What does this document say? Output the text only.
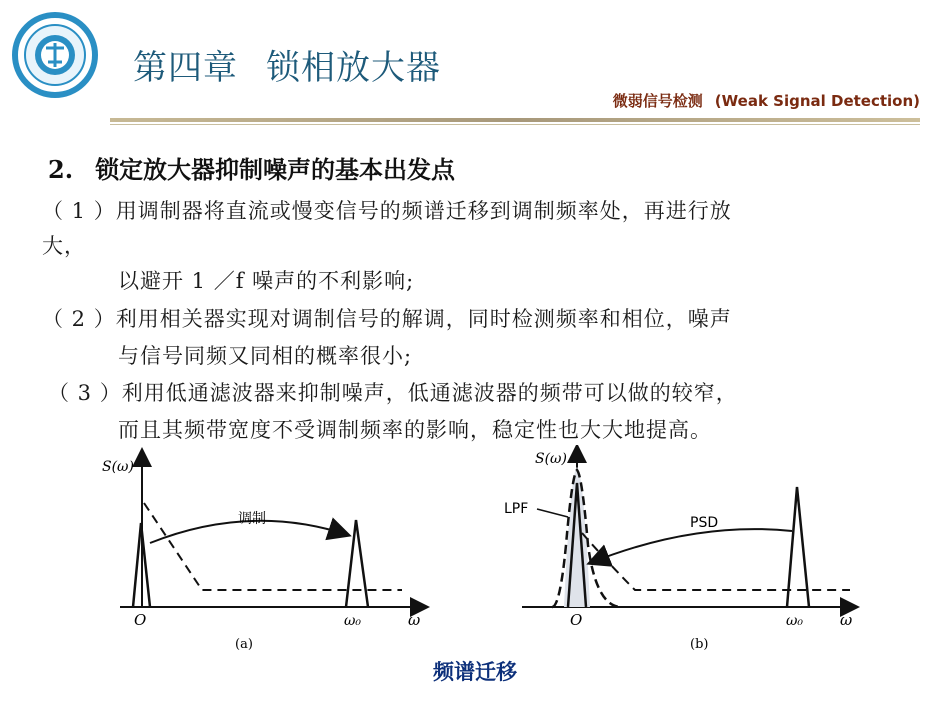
第四章 锁相放大器
微弱信号检测 (Weak Signal Detection)
2. 锁定放大器抑制噪声的基本出发点
（ 1 ）用调制器将直流或慢变信号的频谱迁移到调制频率处，再进行放
大，
以避开 1 ／f 噪声的不利影响;
（ 2 ）利用相关器实现对调制信号的解调，同时检测频率和相位，噪声
与信号同频又同相的概率很小;
（ 3 ）利用低通滤波器来抑制噪声，低通滤波器的频带可以做的较窄，
而且其频带宽度不受调制频率的影响，稳定性也大大地提高。
S(ω)
ω
O	ω₀
调制
(a)
S(ω)
ω
O	ω₀
LPF
PSD
(b)
频谱迁移
